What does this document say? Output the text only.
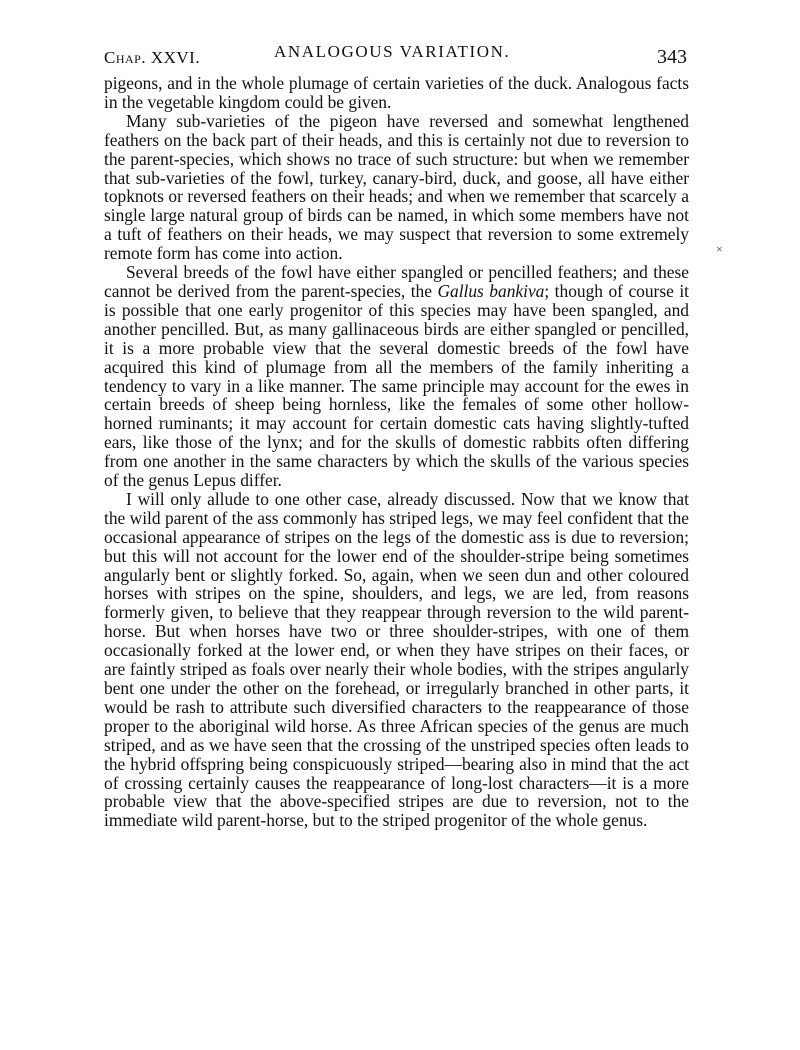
Chap. XXVI.	ANALOGOUS VARIATION.	343

pigeons, and in the whole plumage of certain varieties of the duck. Analogous facts in the vegetable kingdom could be given.

Many sub-varieties of the pigeon have reversed and somewhat lengthened feathers on the back part of their heads, and this is certainly not due to reversion to the parent-species, which shows no trace of such structure: but when we remember that sub-varieties of the fowl, turkey, canary-bird, duck, and goose, all have either topknots or reversed feathers on their heads; and when we remember that scarcely a single large natural group of birds can be named, in which some members have not a tuft of feathers on their heads, we may suspect that reversion to some extremely remote form has come into action.

Several breeds of the fowl have either spangled or pencilled feathers; and these cannot be derived from the parent-species, the Gallus bankiva; though of course it is possible that one early progenitor of this species may have been spangled, and another pencilled. But, as many gallinaceous birds are either spangled or pencilled, it is a more probable view that the several domestic breeds of the fowl have acquired this kind of plumage from all the members of the family inheriting a tendency to vary in a like manner. The same principle may account for the ewes in certain breeds of sheep being hornless, like the females of some other hollow-horned ruminants; it may account for certain domestic cats having slightly-tufted ears, like those of the lynx; and for the skulls of domestic rabbits often differing from one another in the same characters by which the skulls of the various species of the genus Lepus differ.

I will only allude to one other case, already discussed. Now that we know that the wild parent of the ass commonly has striped legs, we may feel confident that the occasional appearance of stripes on the legs of the domestic ass is due to reversion; but this will not account for the lower end of the shoulder-stripe being sometimes angularly bent or slightly forked. So, again, when we seen dun and other coloured horses with stripes on the spine, shoulders, and legs, we are led, from reasons formerly given, to believe that they reappear through reversion to the wild parent-horse. But when horses have two or three shoulder-stripes, with one of them occasionally forked at the lower end, or when they have stripes on their faces, or are faintly striped as foals over nearly their whole bodies, with the stripes angularly bent one under the other on the forehead, or irregularly branched in other parts, it would be rash to attribute such diversified characters to the reappearance of those proper to the aboriginal wild horse. As three African species of the genus are much striped, and as we have seen that the crossing of the unstriped species often leads to the hybrid offspring being conspicuously striped—bearing also in mind that the act of crossing certainly causes the reappearance of long-lost characters—it is a more probable view that the above-specified stripes are due to reversion, not to the immediate wild parent-horse, but to the striped progenitor of the whole genus.

×
